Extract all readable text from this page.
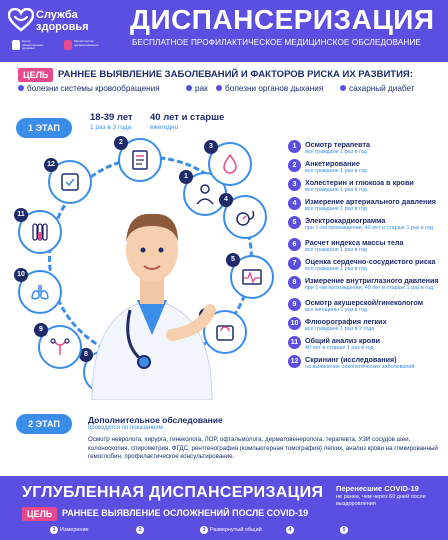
Служба
здоровья
Центр общественного здоровья
Министерство здравоохранения
ДИСПАНСЕРИЗАЦИЯ
БЕСПЛАТНОЕ ПРОФИЛАКТИЧЕСКОЕ МЕДИЦИНСКОЕ ОБСЛЕДОВАНИЕ
ЦЕЛЬ	РАННЕЕ ВЫЯВЛЕНИЕ ЗАБОЛЕВАНИЙ И ФАКТОРОВ РИСКА ИХ РАЗВИТИЯ:
болезни системы кровообращения	рак	болезни органов дыхания	сахарный диабет
1 ЭТАП
18-39 лет
1 раз в 3 года
40 лет и старше
ежегодно
1
2
4
3
5
6
8
9
10
11
12
1	Осмотр терапевта
все граждане 1 раз в год
2	Анкетирование
все граждане 1 раз в год
3	Холестерин и глюкоза в крови
все граждане 1 раз в год
4	Измерение артериального давления
все граждане 1 раз в год
5	Электрокардиограмма
при 1-ом прохождении, 40 лет и старше 1 раз в год
6	Расчет индекса массы тела
все граждане 1 раз в год
7	Оценка сердечно-сосудистого риска
все граждане 1 раз в год
8	Измерение внутриглазного давления
при 1-ом прохождении, 40 лет и старше 1 раз в год
9	Осмотр акушерской/гинекологом
все женщины 1 раз в год
10 Флюорография легких
все граждане 1 раз в 2 года
11 Общий анализ крови
40 лет и старше 1 раз в год
12 Скрининг (исследования)
на выявление онкологических заболеваний
2 ЭТАП	Дополнительное обследование
проводится по показаниям
Осмотр невролога, хирурга, гинеколога, ЛОР, офтальмолога, дерматовенеролога, терапевта, УЗИ сосудов шеи, колоноскопия, спирометрия, ФГДС, рентгенография (компьютерная томография) легких, анализ крови на гликированный гемоглобин, профилактическое консультирование.
УГЛУБЛЕННАЯ ДИСПАНСЕРИЗАЦИЯ Перенесшие COVID-19
не ранее, чем через 60 дней после выздоровления
ЦЕЛЬ	РАННЕЕ ВЫЯВЛЕНИЕ ОСЛОЖНЕНИЙ ПОСЛЕ COVID-19
1 Измерение	2	3 Развернутый общий	4	5
